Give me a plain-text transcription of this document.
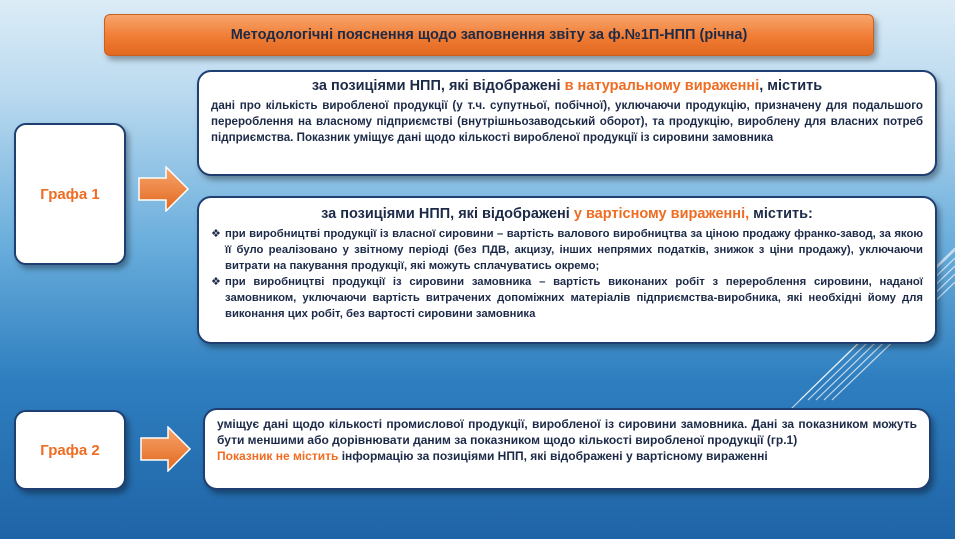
Методологічні пояснення щодо заповнення звіту за ф.№1П-НПП (річна)
Графа 1
за позиціями НПП, які відображені в натуральному вираженні, містить
дані про кількість виробленої продукції (у т.ч. супутньої, побічної), уключаючи продукцію, призначену для подальшого перероблення на власному підприємстві (внутрішньозаводський оборот), та продукцію, вироблену для власних потреб підприємства. Показник уміщує дані щодо кількості виробленої продукції із сировини замовника
за позиціями НПП, які відображені у вартісному вираженні, містить:
❖ при виробництві продукції із власної сировини – вартість валового виробництва за ціною продажу франко-завод, за якою її було реалізовано у звітному періоді (без ПДВ, акцизу, інших непрямих податків, знижок з ціни продажу), уключаючи витрати на пакування продукції, які можуть сплачуватись окремо;
❖ при виробництві продукції із сировини замовника – вартість виконаних робіт з перероблення сировини, наданої замовником, уключаючи вартість витрачених допоміжних матеріалів підприємства-виробника, які необхідні йому для виконання цих робіт, без вартості сировини замовника
Графа 2
уміщує дані щодо кількості промислової продукції, виробленої із сировини замовника. Дані за показником можуть бути меншими або дорівнювати даним за показником щодо кількості виробленої продукції (гр.1)
Показник не містить інформацію за позиціями НПП, які відображені у вартісному вираженні
